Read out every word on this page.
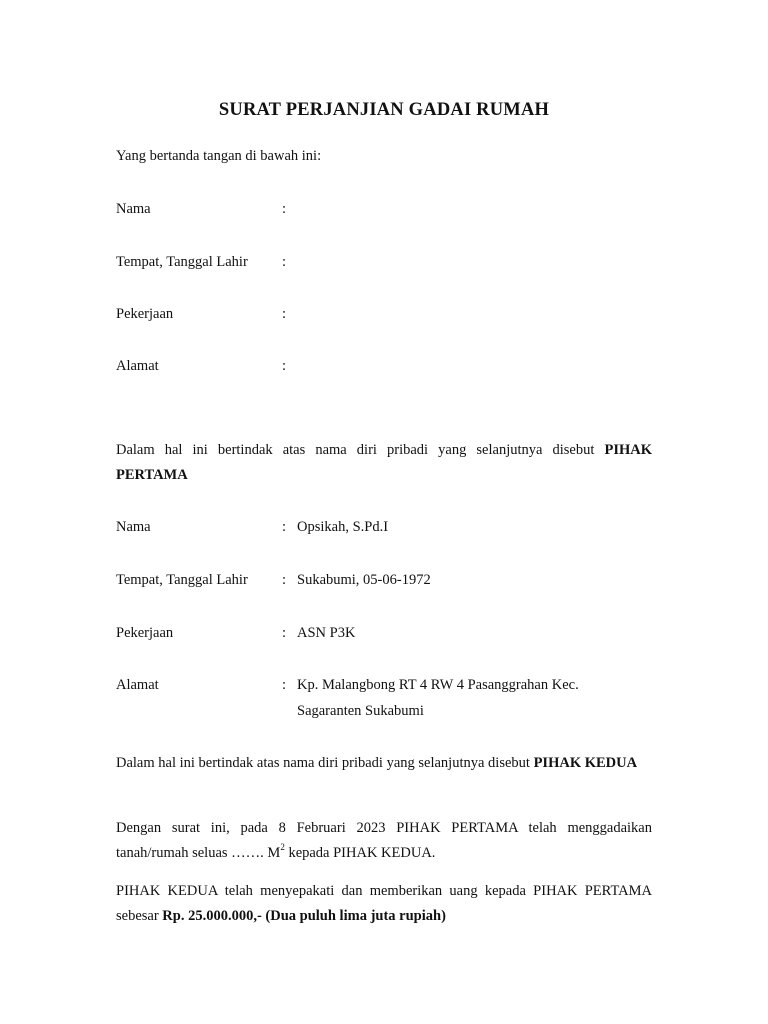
SURAT PERJANJIAN GADAI RUMAH

Yang bertanda tangan di bawah ini:

Nama	:
Tempat, Tanggal Lahir :
Pekerjaan	:
Alamat	:

Dalam hal ini bertindak atas nama diri pribadi yang selanjutnya disebut PIHAK PERTAMA

Nama	: Opsikah, S.Pd.I
Tempat, Tanggal Lahir : Sukabumi, 05-06-1972
Pekerjaan	: ASN P3K
Alamat	: Kp. Malangbong RT 4 RW 4 Pasanggrahan Kec.
Sagaranten Sukabumi

Dalam hal ini bertindak atas nama diri pribadi yang selanjutnya disebut PIHAK KEDUA

Dengan surat ini, pada 8 Februari 2023 PIHAK PERTAMA telah menggadaikan tanah/rumah seluas ……. $M^2$ kepada PIHAK KEDUA.

PIHAK KEDUA telah menyepakati dan memberikan uang kepada PIHAK PERTAMA sebesar Rp. 25.000.000,- (Dua puluh lima juta rupiah)
